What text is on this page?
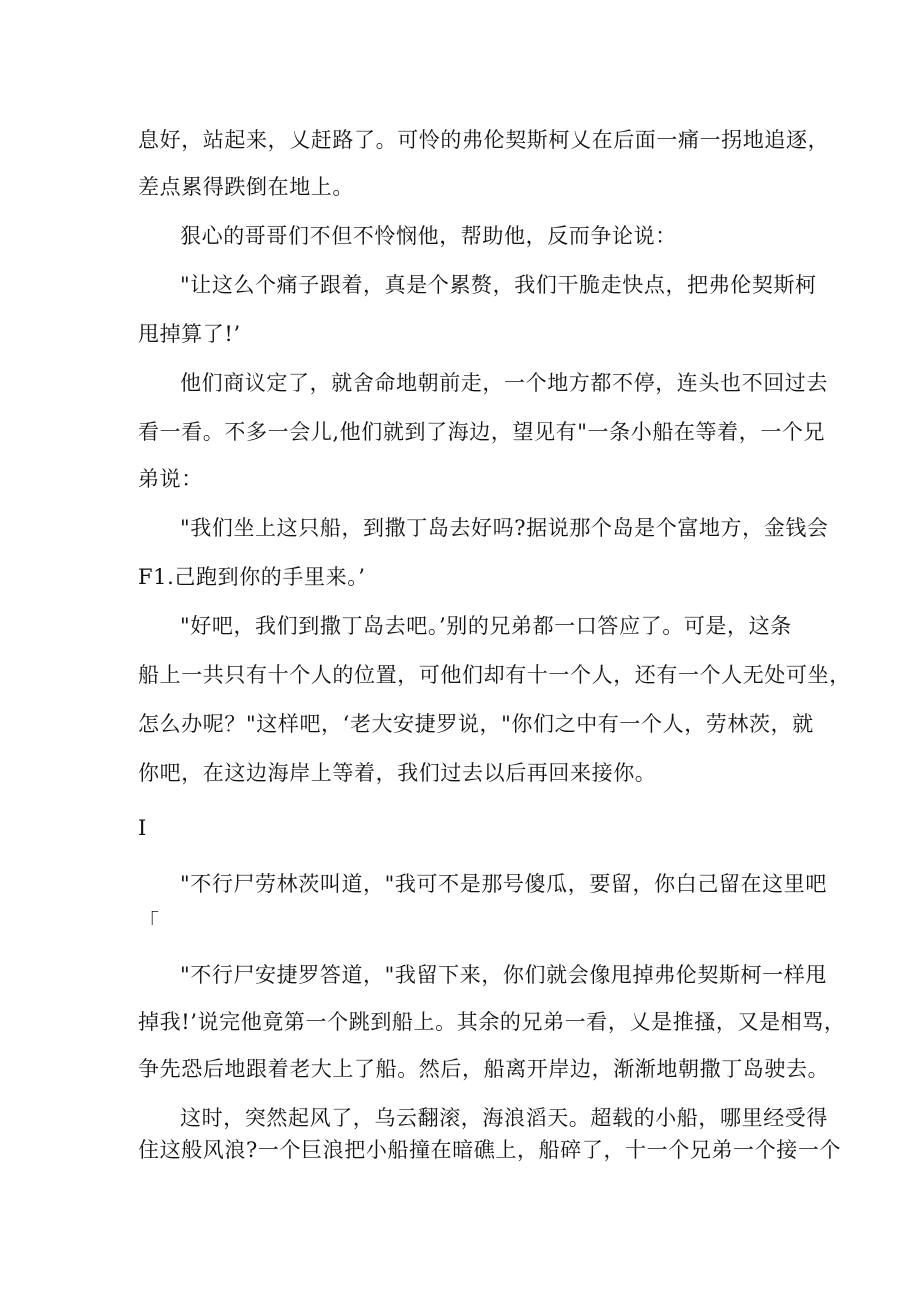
息好，站起来，乂赶路了。可怜的弗伦契斯柯乂在后面一痛一拐地追逐，

差点累得跌倒在地上。

狠心的哥哥们不但不怜悯他，帮助他，反而争论说：

"让这么个痛子跟着，真是个累赘，我们干脆走快点，把弗伦契斯柯

甩掉算了!’

他们商议定了，就舍命地朝前走，一个地方都不停，连头也不回过去

看一看。不多一会儿,他们就到了海边，望见有"一条小船在等着，一个兄

弟说：

"我们坐上这只船，到撒丁岛去好吗?据说那个岛是个富地方，金钱会

F1.己跑到你的手里来。’

"好吧，我们到撒丁岛去吧。’别的兄弟都一口答应了。可是，这条

船上一共只有十个人的位置，可他们却有十一个人，还有一个人无处可坐，

怎么办呢？"这样吧，‘老大安捷罗说，"你们之中有一个人，劳林茨，就

你吧，在这边海岸上等着，我们过去以后再回来接你。

I

"不行尸劳林茨叫道，"我可不是那号傻瓜，要留，你白己留在这里吧

「

"不行尸安捷罗答道，"我留下来，你们就会像甩掉弗伦契斯柯一样甩

掉我!’说完他竟第一个跳到船上。其余的兄弟一看，乂是推搔，又是相骂，

争先恐后地跟着老大上了船。然后，船离开岸边，渐渐地朝撒丁岛驶去。

这时，突然起风了，乌云翻滚，海浪滔天。超载的小船，哪里经受得

住这般风浪?一个巨浪把小船撞在暗礁上，船碎了，十一个兄弟一个接一个
